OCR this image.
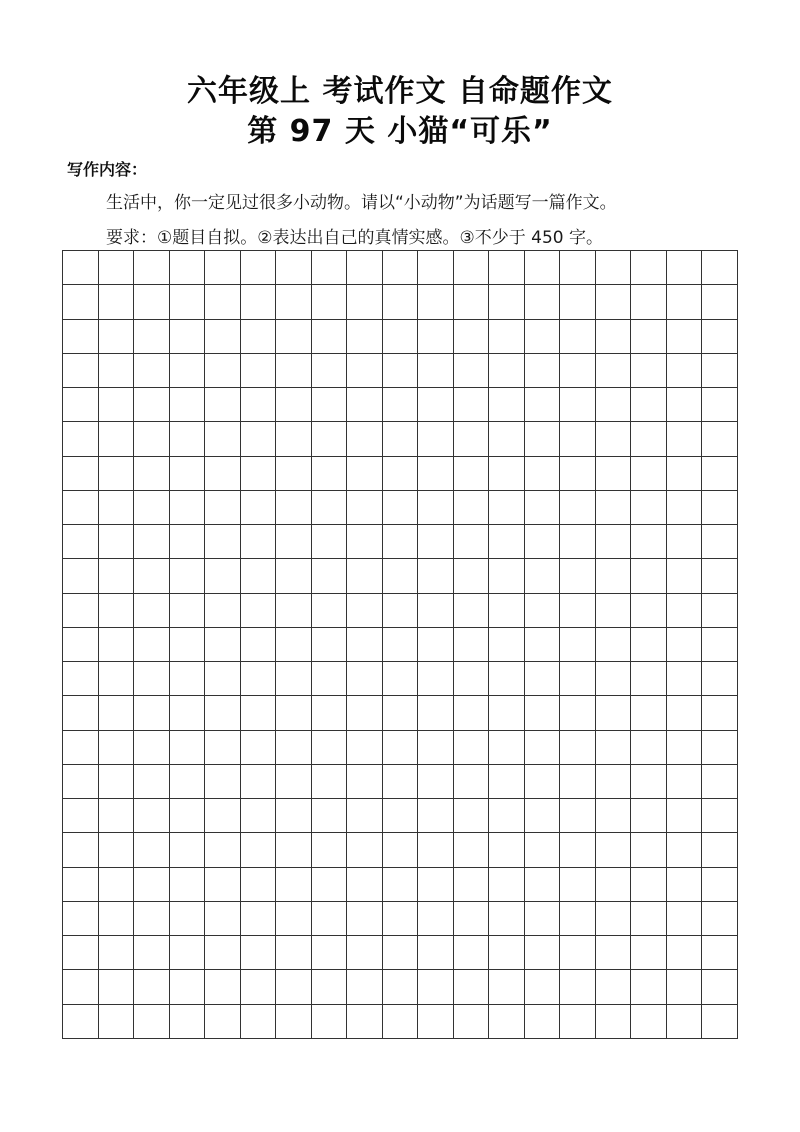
六年级上 考试作文 自命题作文
第 97 天 小猫“可乐”
写作内容：
生活中，你一定见过很多小动物。请以“小动物”为话题写一篇作文。
要求：①题目自拟。②表达出自己的真情实感。③不少于 450 字。
